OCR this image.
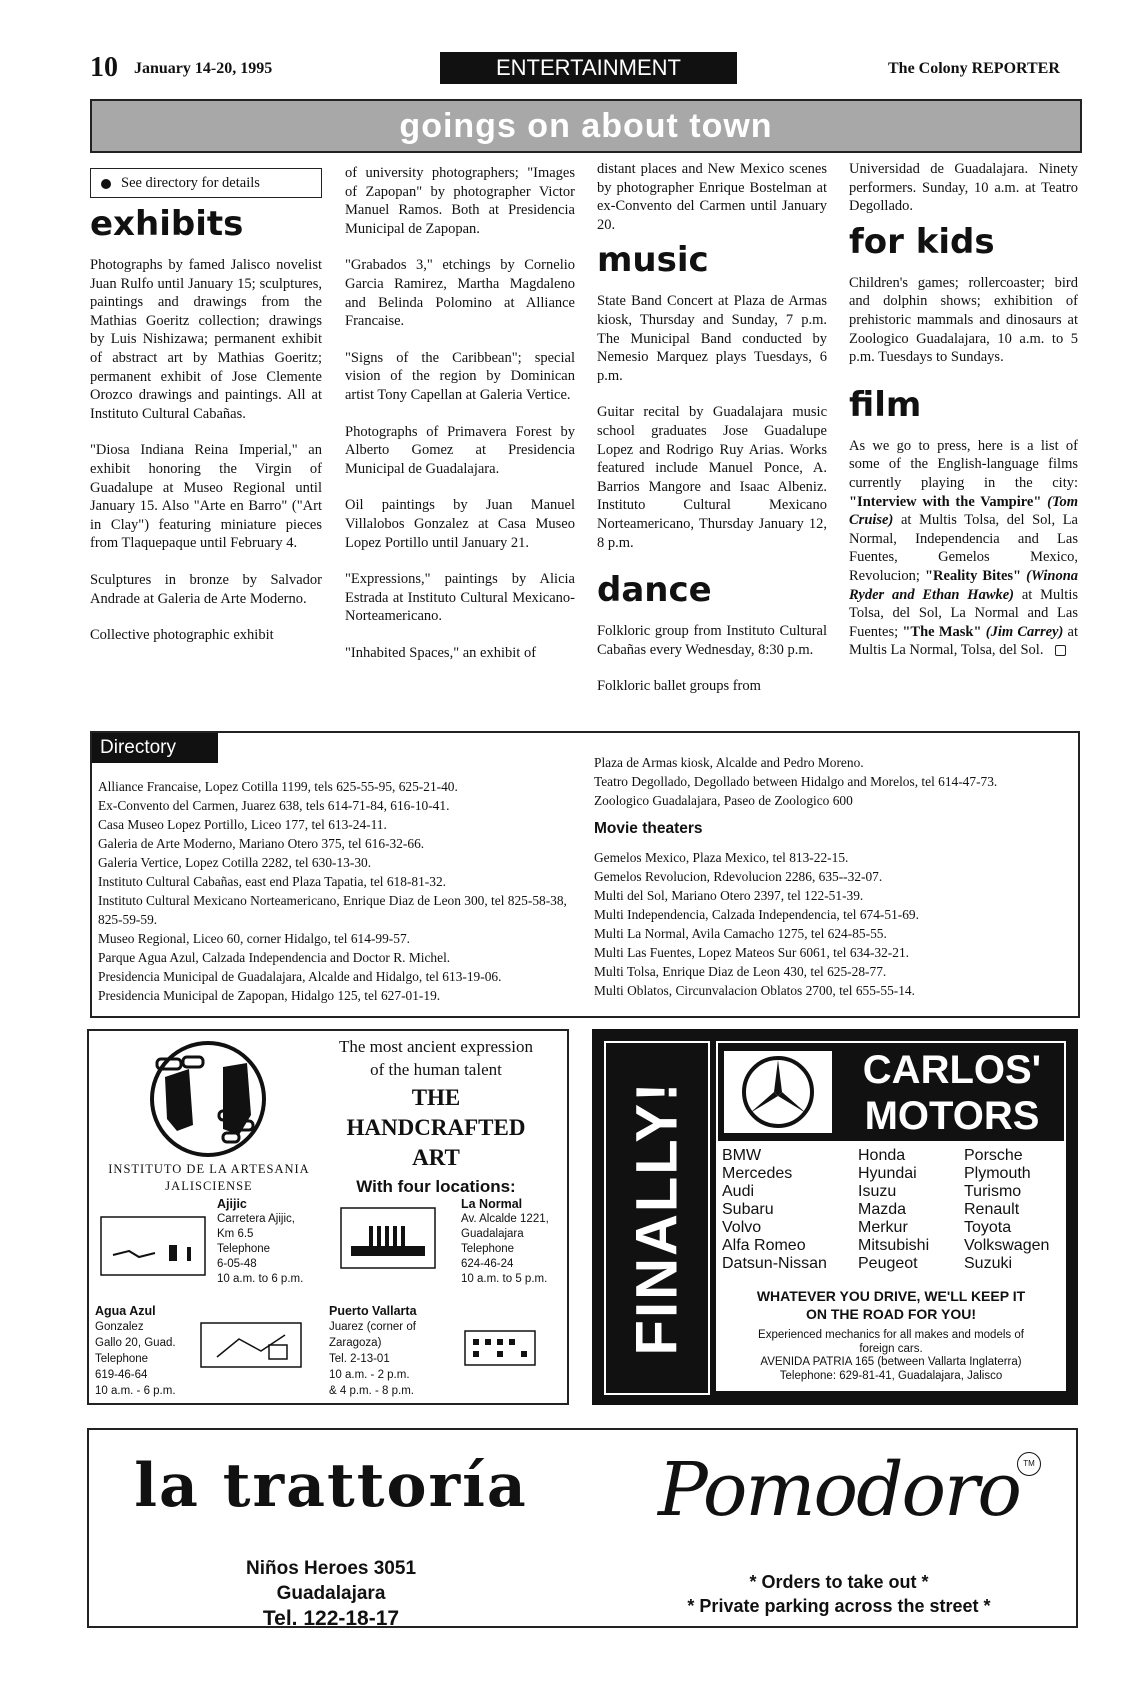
10 January 14-20, 1995	ENTERTAINMENT	The Colony REPORTER
goings on about town
See directory for details
exhibits

Photographs by famed Jalisco novelist Juan Rulfo until January 15; sculptures, paintings and drawings from the Mathias Goeritz collection; drawings by Luis Nishizawa; permanent exhibit of abstract art by Mathias Goeritz; permanent exhibit of Jose Clemente Orozco drawings and paintings. All at Instituto Cultural Cabañas.

"Diosa Indiana Reina Imperial," an exhibit honoring the Virgin of Guadalupe at Museo Regional until January 15. Also "Arte en Barro" ("Art in Clay") featuring miniature pieces from Tlaquepaque until February 4.

Sculptures in bronze by Salvador Andrade at Galeria de Arte Moderno.

Collective photographic exhibit

of university photographers; "Images of Zapopan" by photographer Victor Manuel Ramos. Both at Presidencia Municipal de Zapopan.

"Grabados 3," etchings by Cornelio Garcia Ramirez, Martha Magdaleno and Belinda Polomino at Alliance Francaise.

"Signs of the Caribbean"; special vision of the region by Dominican artist Tony Capellan at Galeria Vertice.

Photographs of Primavera Forest by Alberto Gomez at Presidencia Municipal de Guadalajara.

Oil paintings by Juan Manuel Villalobos Gonzalez at Casa Museo Lopez Portillo until January 21.

"Expressions," paintings by Alicia Estrada at Instituto Cultural Mexicano-Norteamericano.

"Inhabited Spaces," an exhibit of

distant places and New Mexico scenes by photographer Enrique Bostelman at ex-Convento del Carmen until January 20.

music

State Band Concert at Plaza de Armas kiosk, Thursday and Sunday, 7 p.m. The Municipal Band conducted by Nemesio Marquez plays Tuesdays, 6 p.m.

Guitar recital by Guadalajara music school graduates Jose Guadalupe Lopez and Rodrigo Ruy Arias. Works featured include Manuel Ponce, A. Barrios Mangore and Isaac Albeniz. Instituto Cultural Mexicano Norteamericano, Thursday January 12, 8 p.m.

dance

Folkloric group from Instituto Cultural Cabañas every Wednesday, 8:30 p.m.

Folkloric ballet groups from

Universidad de Guadalajara. Ninety performers. Sunday, 10 a.m. at Teatro Degollado.

for kids

Children's games; rollercoaster; bird and dolphin shows; exhibition of prehistoric mammals and dinosaurs at Zoologico Guadalajara, 10 a.m. to 5 p.m. Tuesdays to Sundays.

film

As we go to press, here is a list of some of the English-language films currently playing in the city: "Interview with the Vampire" (Tom Cruise) at Multis Tolsa, del Sol, La Normal, Independencia and Las Fuentes, Gemelos Mexico, Revolucion; "Reality Bites" (Winona Ryder and Ethan Hawke) at Multis Tolsa, del Sol, La Normal and Las Fuentes; "The Mask" (Jim Carrey) at Multis La Normal, Tolsa, del Sol.

Directory
Alliance Francaise, Lopez Cotilla 1199, tels 625-55-95, 625-21-40.
Ex-Convento del Carmen, Juarez 638, tels 614-71-84, 616-10-41.
Casa Museo Lopez Portillo, Liceo 177, tel 613-24-11.
Galeria de Arte Moderno, Mariano Otero 375, tel 616-32-66.
Galeria Vertice, Lopez Cotilla 2282, tel 630-13-30.
Instituto Cultural Cabañas, east end Plaza Tapatia, tel 618-81-32.
Instituto Cultural Mexicano Norteamericano, Enrique Diaz de Leon 300, tel 825-58-38, 825-59-59.
Museo Regional, Liceo 60, corner Hidalgo, tel 614-99-57.
Parque Agua Azul, Calzada Independencia and Doctor R. Michel.
Presidencia Municipal de Guadalajara, Alcalde and Hidalgo, tel 613-19-06.
Presidencia Municipal de Zapopan, Hidalgo 125, tel 627-01-19.
Plaza de Armas kiosk, Alcalde and Pedro Moreno.
Teatro Degollado, Degollado between Hidalgo and Morelos, tel 614-47-73.
Zoologico Guadalajara, Paseo de Zoologico 600
Movie theaters
Gemelos Mexico, Plaza Mexico, tel 813-22-15.
Gemelos Revolucion, Rdevolucion 2286, 635--32-07.
Multi del Sol, Mariano Otero 2397, tel 122-51-39.
Multi Independencia, Calzada Independencia, tel 674-51-69.
Multi La Normal, Avila Camacho 1275, tel 624-85-55.
Multi Las Fuentes, Lopez Mateos Sur 6061, tel 634-32-21.
Multi Tolsa, Enrique Diaz de Leon 430, tel 625-28-77.
Multi Oblatos, Circunvalacion Oblatos 2700, tel 655-55-14.
INSTITUTO DE LA ARTESANIA
JALISCIENSE
The most ancient expression
of the human talent
THE
HANDCRAFTED
ART
With four locations:
Ajijic
Carretera Ajijic,
Km 6.5
Telephone
6-05-48
10 a.m. to 6 p.m.
La Normal
Av. Alcalde 1221,
Guadalajara
Telephone
624-46-24
10 a.m. to 5 p.m.
Agua Azul
Gonzalez
Gallo 20, Guad.
Telephone
619-46-64
10 a.m. - 6 p.m.
Puerto Vallarta
Juarez (corner of
Zaragoza)
Tel. 2-13-01
10 a.m. - 2 p.m.
& 4 p.m. - 8 p.m.
FINALLY!
CARLOS'
MOTORS
BMW
Mercedes
Audi
Subaru
Volvo
Alfa Romeo
Datsun-Nissan
Honda
Hyundai
Isuzu
Mazda
Merkur
Mitsubishi
Peugeot
Porsche
Plymouth
Turismo
Renault
Toyota
Volkswagen
Suzuki
WHATEVER YOU DRIVE, WE'LL KEEP IT
ON THE ROAD FOR YOU!
Experienced mechanics for all makes and models of
foreign cars.
AVENIDA PATRIA 165 (between Vallarta Inglaterra)
Telephone: 629-81-41, Guadalajara, Jalisco
la trattoría
Niños Heroes 3051
Guadalajara
Tel. 122-18-17
Pomodoro TM
* Orders to take out *
* Private parking across the street *
